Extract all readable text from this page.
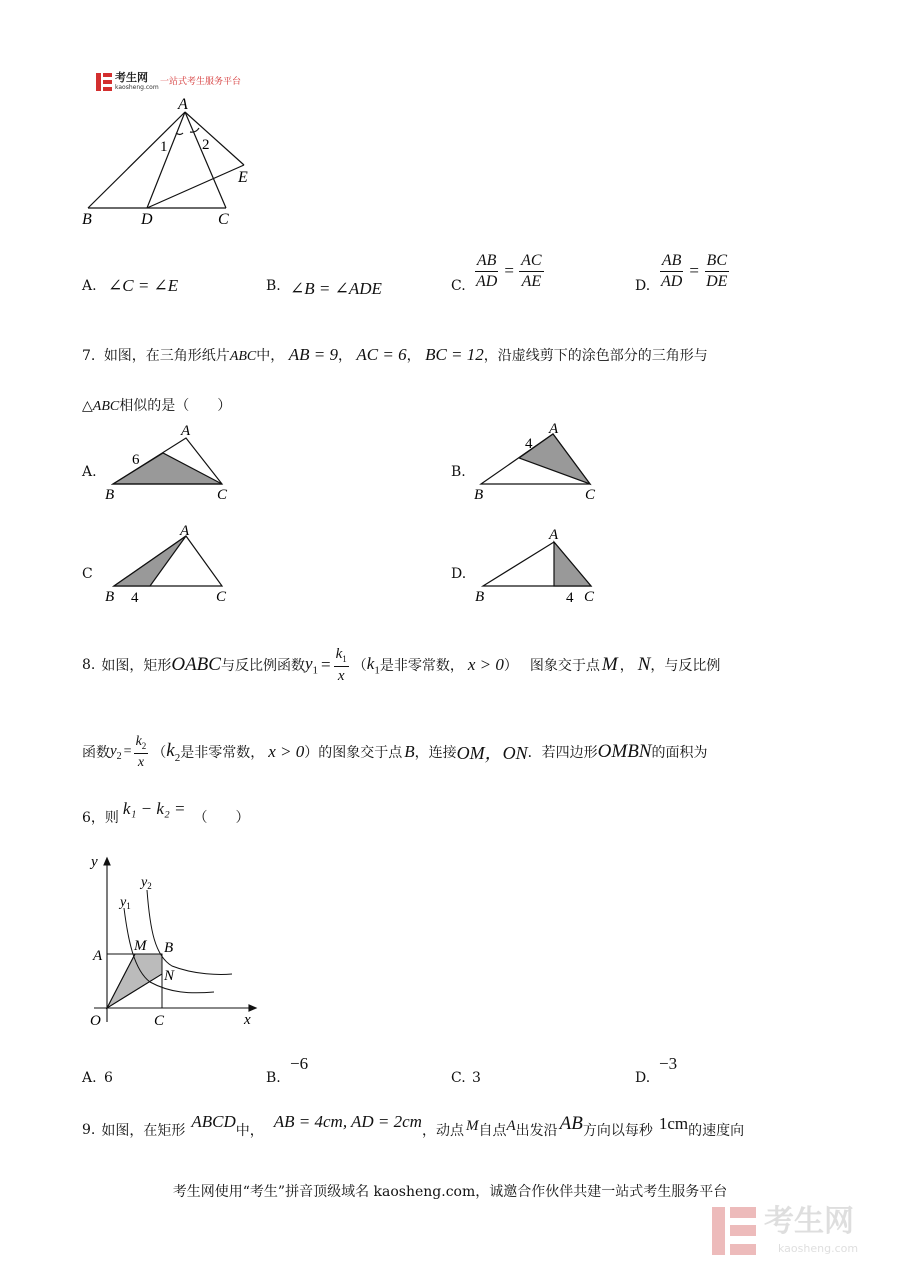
考生网
kaosheng.com
一站式考生服务平台
A
B	C
D
E
1 2
A. ∠C = ∠E	B. ∠B = ∠ADE	C. $\frac{AB}{AD} = \frac{AC}{AE}$	D. $\frac{AB}{AD} = \frac{BC}{DE}$
7. 如图，在三角形纸片ABC中， AB = 9， AC = 6， BC = 12，沿虚线剪下的涂色部分的三角形与
△ABC相似的是（　　）
A.
6
A
B	C
B.
4
A
B	C
C
A
B 4	C
D.
A
B	4 C
8. 如图，矩形 OABC 与反比例函数 $y_1 = \frac{k_1}{x}$ （ $k_1$ 是非零常数， x > 0 ） 图象交于点 M ， N ，与反比例
函数 $y_2 = \frac{k_2}{x}$ （ $k_2$ 是非零常数， x > 0 ）的图象交于点 B ，连接 OM，ON ．若四边形 OMBN 的面积为
6，则 k₁ − k₂ = （　　）
y
x
$y_1$
$y_2$
A
M B
N
O	C
A. 6	B.
−6
C. 3	D.
−3
9. 如图，在矩形 ABCD 中， AB = 4cm, AD = 2cm ，动点 M 自点 A 出发沿 AB 方向以每秒 1cm 的速度向
考生网使用“考生”拼音顶级域名 kaosheng.com，诚邀合作伙伴共建一站式考生服务平台
考生网
kaosheng.com
